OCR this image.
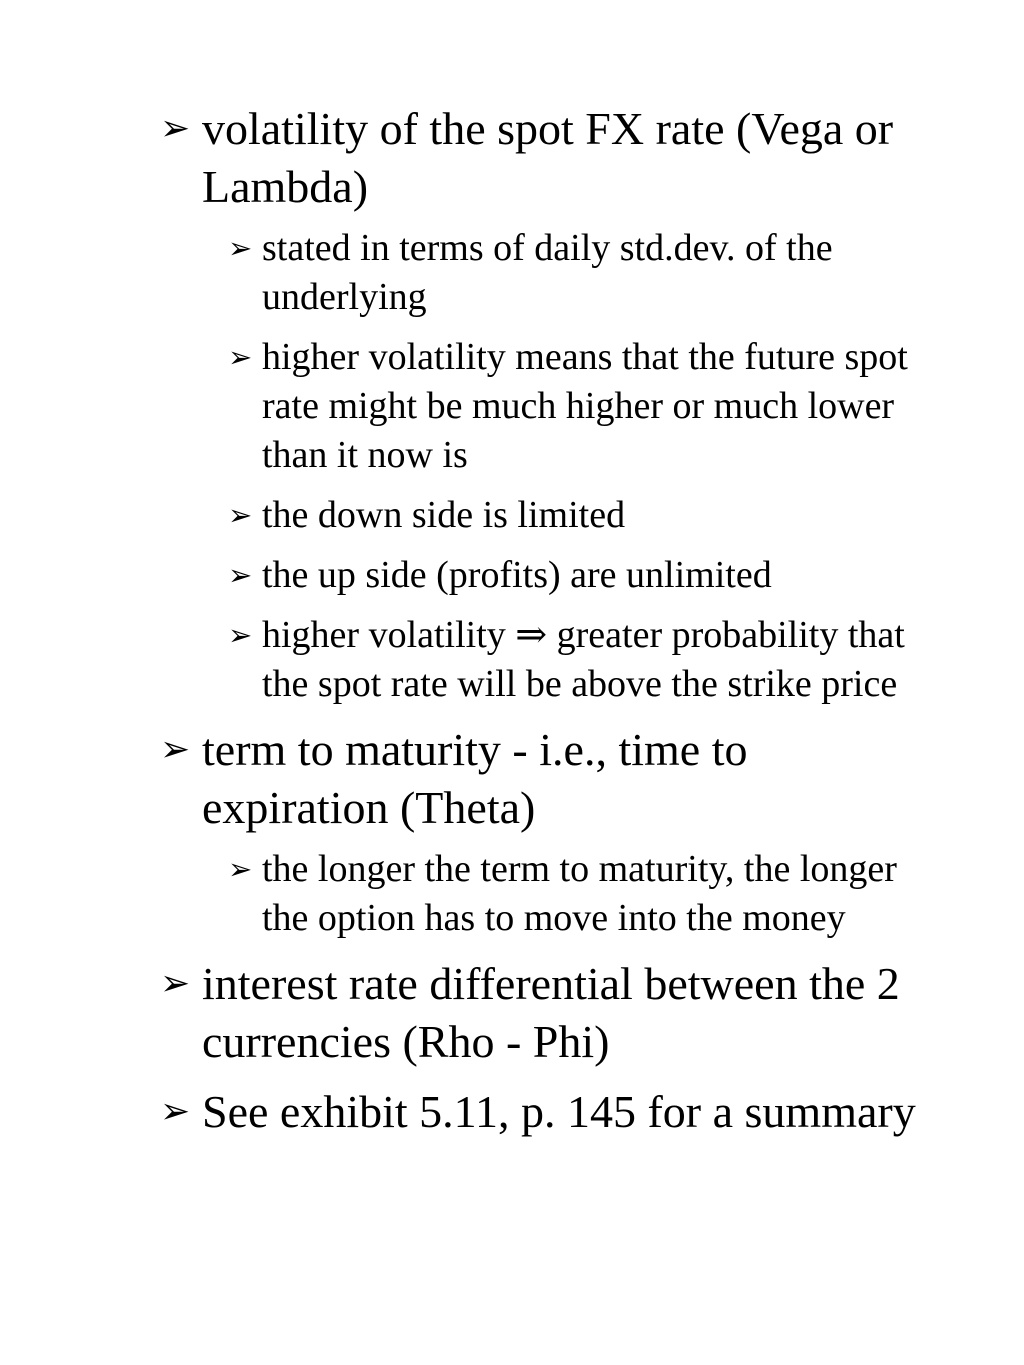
➢ volatility of the spot FX rate (Vega or Lambda)
➢ stated in terms of daily std.dev. of the underlying
➢ higher volatility means that the future spot rate might be much higher or much lower than it now is
➢ the down side is limited
➢ the up side (profits) are unlimited
➢ higher volatility ⇒ greater probability that the spot rate will be above the strike price
➢ term to maturity - i.e., time to expiration (Theta)
➢ the longer the term to maturity, the longer the option has to move into the money
➢ interest rate differential between the 2 currencies (Rho - Phi)
➢ See exhibit 5.11, p. 145 for a summary
